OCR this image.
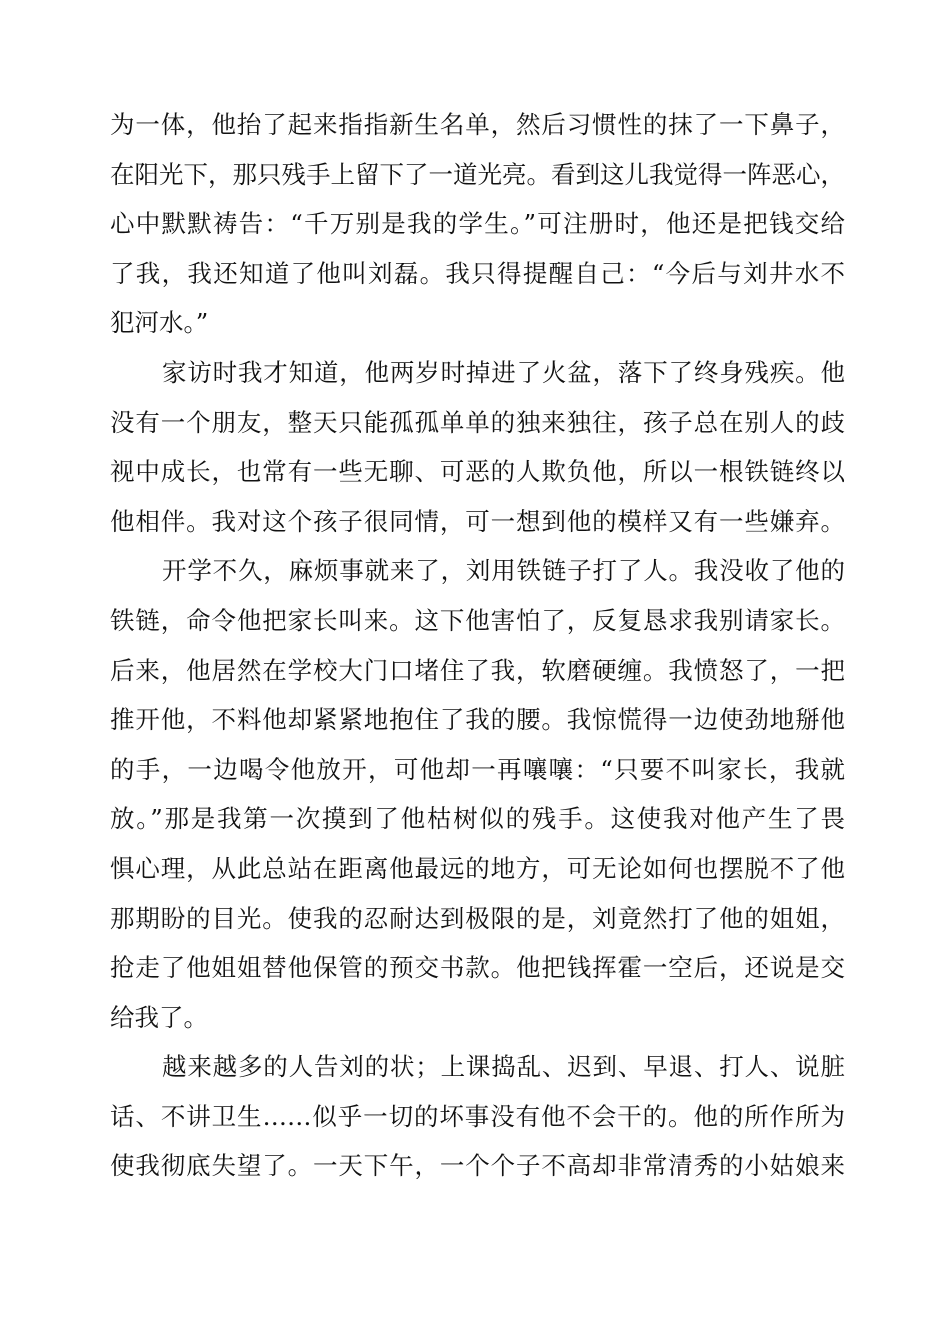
为一体，他抬了起来指指新生名单，然后习惯性的抹了一下鼻子，
在阳光下，那只残手上留下了一道光亮。看到这儿我觉得一阵恶心，
心中默默祷告：“千万别是我的学生。”可注册时，他还是把钱交给
了我，我还知道了他叫刘磊。我只得提醒自己：“今后与刘井水不
犯河水。”

家访时我才知道，他两岁时掉进了火盆，落下了终身残疾。他
没有一个朋友，整天只能孤孤单单的独来独往，孩子总在别人的歧
视中成长，也常有一些无聊、可恶的人欺负他，所以一根铁链终以
他相伴。我对这个孩子很同情，可一想到他的模样又有一些嫌弃。

开学不久，麻烦事就来了，刘用铁链子打了人。我没收了他的
铁链，命令他把家长叫来。这下他害怕了，反复恳求我别请家长。
后来，他居然在学校大门口堵住了我，软磨硬缠。我愤怒了，一把
推开他，不料他却紧紧地抱住了我的腰。我惊慌得一边使劲地掰他
的手，一边喝令他放开，可他却一再嚷嚷：“只要不叫家长，我就
放。”那是我第一次摸到了他枯树似的残手。这使我对他产生了畏
惧心理，从此总站在距离他最远的地方，可无论如何也摆脱不了他
那期盼的目光。使我的忍耐达到极限的是，刘竟然打了他的姐姐，
抢走了他姐姐替他保管的预交书款。他把钱挥霍一空后，还说是交
给我了。

越来越多的人告刘的状；上课捣乱、迟到、早退、打人、说脏
话、不讲卫生……似乎一切的坏事没有他不会干的。他的所作所为
使我彻底失望了。一天下午，一个个子不高却非常清秀的小姑娘来
